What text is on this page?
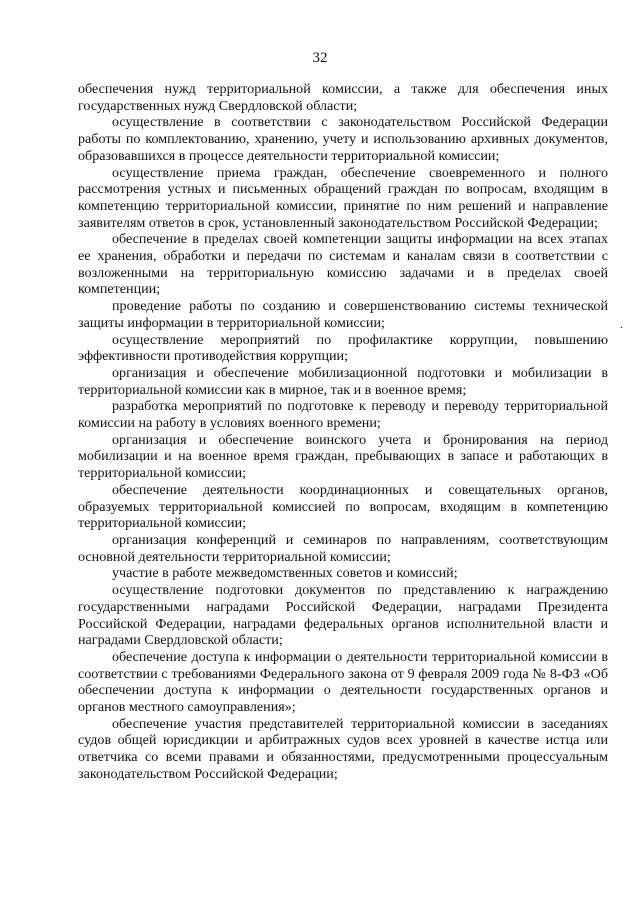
32

обеспечения нужд территориальной комиссии, а также для обеспечения иных государственных нужд Свердловской области;

осуществление в соответствии с законодательством Российской Федерации работы по комплектованию, хранению, учету и использованию архивных документов, образовавшихся в процессе деятельности территориальной комиссии;

осуществление приема граждан, обеспечение своевременного и полного рассмотрения устных и письменных обращений граждан по вопросам, входящим в компетенцию территориальной комиссии, принятие по ним решений и направление заявителям ответов в срок, установленный законодательством Российской Федерации;

обеспечение в пределах своей компетенции защиты информации на всех этапах ее хранения, обработки и передачи по системам и каналам связи в соответствии с возложенными на территориальную комиссию задачами и в пределах своей компетенции;

проведение работы по созданию и совершенствованию системы технической защиты информации в территориальной комиссии;

осуществление мероприятий по профилактике коррупции, повышению эффективности противодействия коррупции;

организация и обеспечение мобилизационной подготовки и мобилизации в территориальной комиссии как в мирное, так и в военное время;

разработка мероприятий по подготовке к переводу и переводу территориальной комиссии на работу в условиях военного времени;

организация и обеспечение воинского учета и бронирования на период мобилизации и на военное время граждан, пребывающих в запасе и работающих в территориальной комиссии;

обеспечение деятельности координационных и совещательных органов, образуемых территориальной комиссией по вопросам, входящим в компетенцию территориальной комиссии;

организация конференций и семинаров по направлениям, соответствующим основной деятельности территориальной комиссии;

участие в работе межведомственных советов и комиссий;

осуществление подготовки документов по представлению к награждению государственными наградами Российской Федерации, наградами Президента Российской Федерации, наградами федеральных органов исполнительной власти и наградами Свердловской области;

обеспечение доступа к информации о деятельности территориальной комиссии в соответствии с требованиями Федерального закона от 9 февраля 2009 года № 8-ФЗ «Об обеспечении доступа к информации о деятельности государственных органов и органов местного самоуправления»;

обеспечение участия представителей территориальной комиссии в заседаниях судов общей юрисдикции и арбитражных судов всех уровней в качестве истца или ответчика со всеми правами и обязанностями, предусмотренными процессуальным законодательством Российской Федерации;

.
